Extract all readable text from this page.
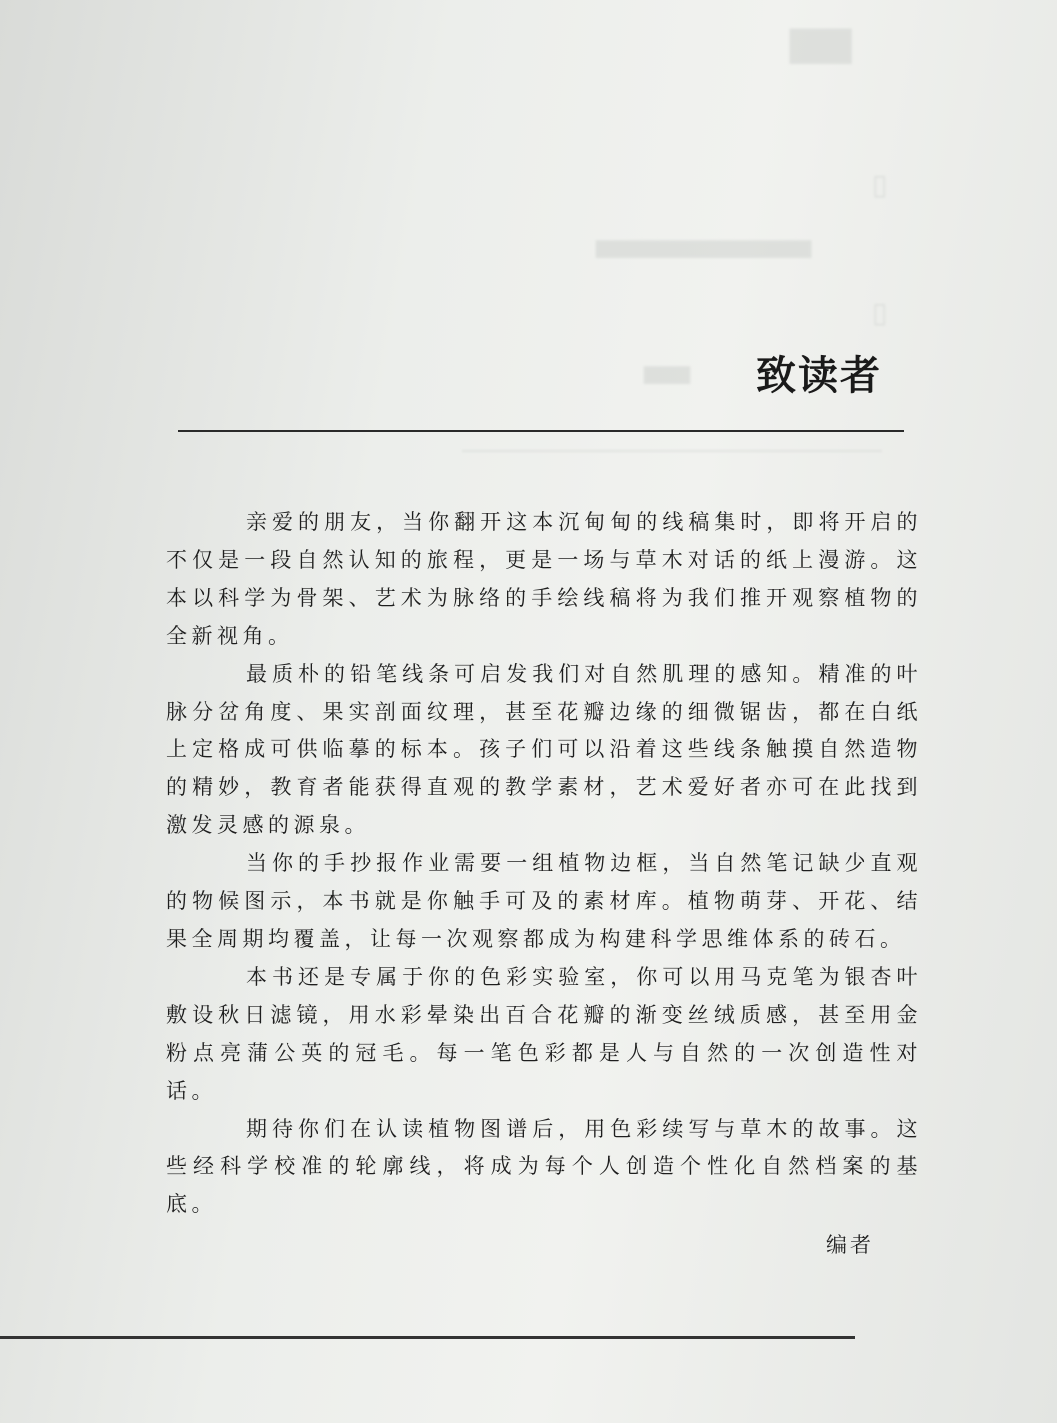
▆▆
▯
▆▆▆▆▆▆▆▆▆▆▆▆▆▆
▯
▆▆▆ 致读者

亲爱的朋友，当你翻开这本沉甸甸的线稿集时，即将开启的不仅是一段自然认知的旅程，更是一场与草木对话的纸上漫游。这本以科学为骨架、艺术为脉络的手绘线稿将为我们推开观察植物的全新视角。

最质朴的铅笔线条可启发我们对自然肌理的感知。精准的叶脉分岔角度、果实剖面纹理，甚至花瓣边缘的细微锯齿，都在白纸上定格成可供临摹的标本。孩子们可以沿着这些线条触摸自然造物的精妙，教育者能获得直观的教学素材，艺术爱好者亦可在此找到激发灵感的源泉。

当你的手抄报作业需要一组植物边框，当自然笔记缺少直观的物候图示，本书就是你触手可及的素材库。植物萌芽、开花、结果全周期均覆盖，让每一次观察都成为构建科学思维体系的砖石。

本书还是专属于你的色彩实验室，你可以用马克笔为银杏叶敷设秋日滤镜，用水彩晕染出百合花瓣的渐变丝绒质感，甚至用金粉点亮蒲公英的冠毛。每一笔色彩都是人与自然的一次创造性对话。

期待你们在认读植物图谱后，用色彩续写与草木的故事。这些经科学校准的轮廓线，将成为每个人创造个性化自然档案的基底。

编者
